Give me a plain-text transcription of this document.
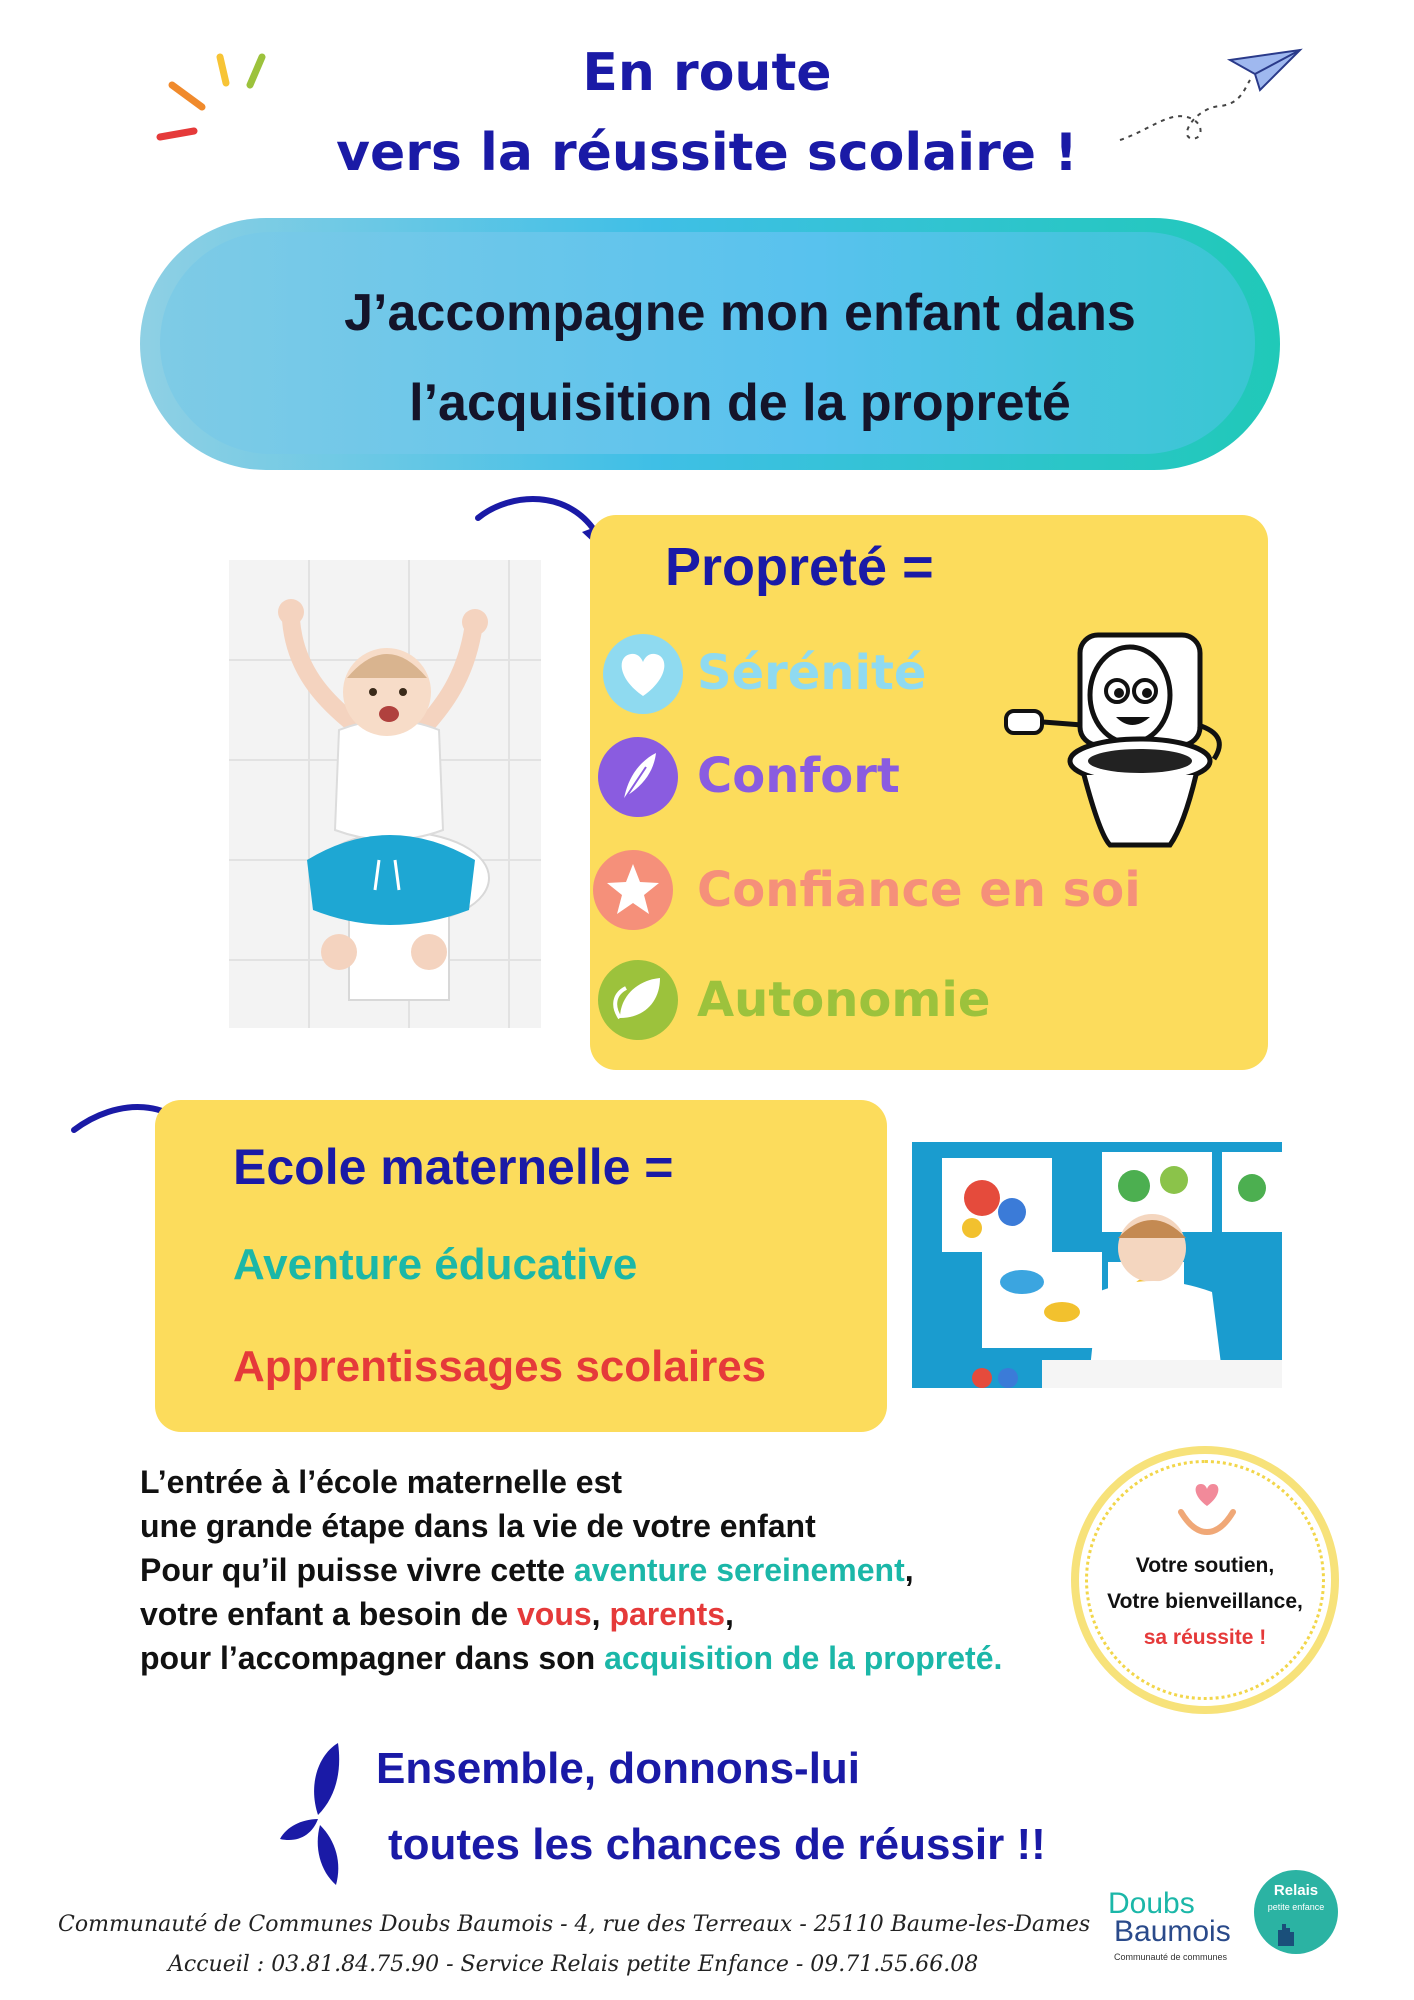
En route
vers la réussite scolaire !
J’accompagne mon enfant dans
l’acquisition de la propreté
Propreté =
Sérénité
Confort
Confiance en soi
Autonomie
Ecole maternelle =
Aventure éducative
Apprentissages scolaires
L’entrée à l’école maternelle est
une grande étape dans la vie de votre enfant
Pour qu’il puisse vivre cette aventure sereinement,
votre enfant a besoin de vous, parents,
pour l’accompagner dans son acquisition de la propreté.
Votre soutien,
Votre bienveillance,
sa réussite !
Ensemble, donnons-lui
toutes les chances de réussir !!
Communauté de Communes Doubs Baumois - 4, rue des Terreaux - 25110 Baume-les-Dames
Accueil : 03.81.84.75.90 - Service Relais petite Enfance - 09.71.55.66.08
Doubs
Baumois
Communauté de communes
Relais
petite enfance
